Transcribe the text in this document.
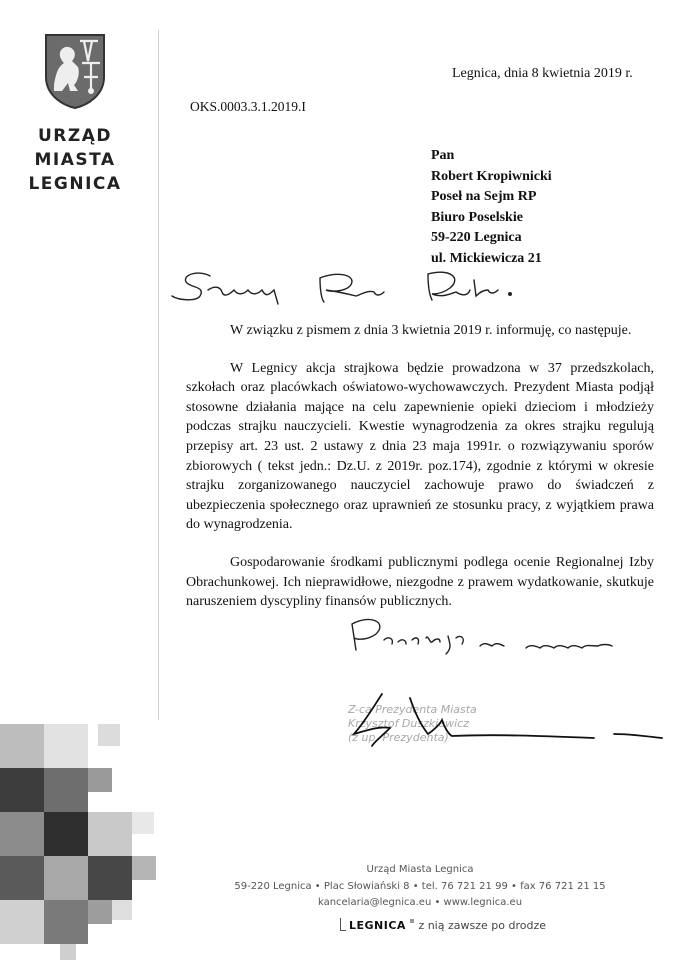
URZĄD
MIASTA
LEGNICA
Legnica, dnia 8 kwietnia 2019 r.
OKS.0003.3.1.2019.I
Pan
Robert Kropiwnicki
Poseł na Sejm RP
Biuro Poselskie
59-220 Legnica
ul. Mickiewicza 21

W związku z pismem z dnia 3 kwietnia 2019 r. informuję, co następuje.

W Legnicy akcja strajkowa będzie prowadzona w 37 przedszkolach, szkołach oraz placówkach oświatowo-wychowawczych. Prezydent Miasta podjął stosowne działania mające na celu zapewnienie opieki dzieciom i młodzieży podczas strajku nauczycieli. Kwestie wynagrodzenia za okres strajku regulują przepisy art. 23 ust. 2 ustawy z dnia 23 maja 1991r. o rozwiązywaniu sporów zbiorowych ( tekst jedn.: Dz.U. z 2019r. poz.174), zgodnie z którymi w okresie strajku zorganizowanego nauczyciel zachowuje prawo do świadczeń z ubezpieczenia społecznego oraz uprawnień ze stosunku pracy, z wyjątkiem prawa do wynagrodzenia.

Gospodarowanie środkami publicznymi podlega ocenie Regionalnej Izby Obrachunkowej. Ich nieprawidłowe, niezgodne z prawem wydatkowanie, skutkuje naruszeniem dyscypliny finansów publicznych.

Z-ca Prezydenta Miasta
Krzysztof Duszkiewicz
(z up. Prezydenta)
Urząd Miasta Legnica
59-220 Legnica • Plac Słowiański 8 • tel. 76 721 21 99 • fax 76 721 21 15
kancelaria@legnica.eu • www.legnica.eu
LEGNICA z nią zawsze po drodze
